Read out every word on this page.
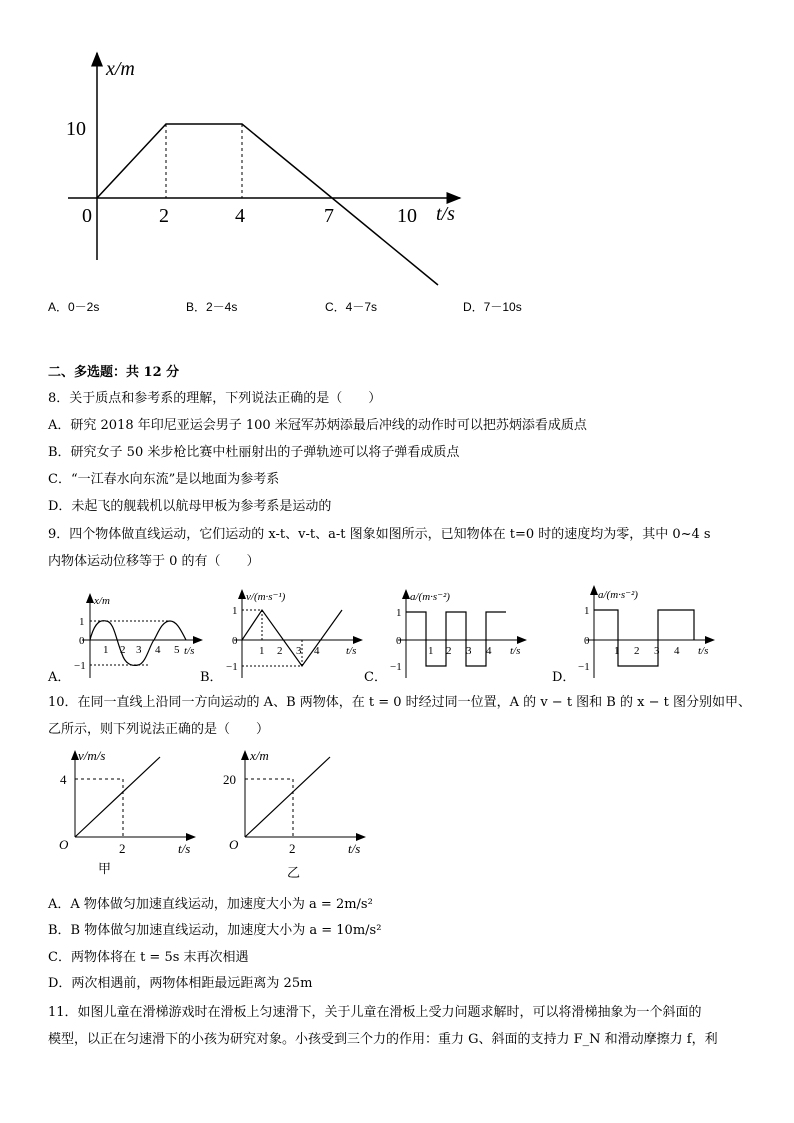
x/m
10
0	2	4	7	10 t/s
A．0－2s	B．2－4s	C．4－7s	D．7－10s
二、多选题：共 12 分
8．关于质点和参考系的理解，下列说法正确的是（　　）
A．研究 2018 年印尼亚运会男子 100 米冠军苏炳添最后冲线的动作时可以把苏炳添看成质点
B．研究女子 50 米步枪比赛中杜丽射出的子弹轨迹可以将子弹看成质点
C．“一江春水向东流”是以地面为参考系
D．未起飞的舰载机以航母甲板为参考系是运动的
9．四个物体做直线运动，它们运动的 x-t、v-t、a-t 图象如图所示，已知物体在 t=0 时的速度均为零，其中 0~4 s
内物体运动位移等于 0 的有（　　）
A．
x/m
1
0
−1
1 2 3 4 5 t/s
B．
v/(m·s⁻¹)
1
0
−1
1 2 3 4 t/s
C．
a/(m·s⁻²)
1
0
−1
1 2 3 4 t/s
D．
a/(m·s⁻²)
1
0
−1
1 2 3 4 t/s
10．在同一直线上沿同一方向运动的 A、B 两物体，在 t = 0 时经过同一位置，A 的 v − t 图和 B 的 x − t 图分别如甲、
乙所示，则下列说法正确的是（　　）
v/m/s
4
O	2	t/s
甲
x/m
20
O	2	t/s
乙
A．A 物体做匀加速直线运动，加速度大小为 a = 2m/s²
B．B 物体做匀加速直线运动，加速度大小为 a = 10m/s²
C．两物体将在 t = 5s 末再次相遇
D．两次相遇前，两物体相距最远距离为 25m
11．如图儿童在滑梯游戏时在滑板上匀速滑下，关于儿童在滑板上受力问题求解时，可以将滑梯抽象为一个斜面的
模型，以正在匀速滑下的小孩为研究对象。小孩受到三个力的作用：重力 G、斜面的支持力 F_N 和滑动摩擦力 f，利
